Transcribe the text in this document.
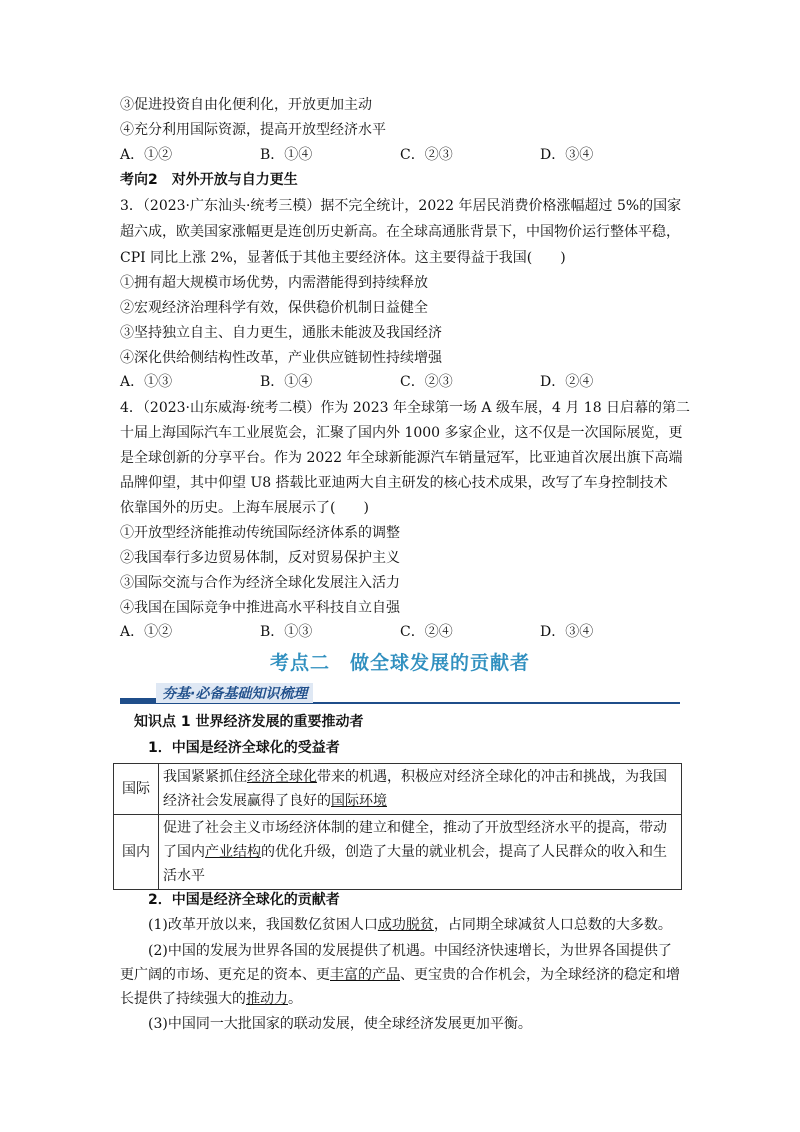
③促进投资自由化便利化，开放更加主动
④充分利用国际资源，提高开放型经济水平
A．①②	B．①④	C．②③	D．③④
考向2　对外开放与自力更生
3．（2023·广东汕头·统考三模）据不完全统计，2022 年居民消费价格涨幅超过 5%的国家
超六成，欧美国家涨幅更是连创历史新高。在全球高通胀背景下，中国物价运行整体平稳，
CPI 同比上涨 2%，显著低于其他主要经济体。这主要得益于我国(　　)
①拥有超大规模市场优势，内需潜能得到持续释放
②宏观经济治理科学有效，保供稳价机制日益健全
③坚持独立自主、自力更生，通胀未能波及我国经济
④深化供给侧结构性改革，产业供应链韧性持续增强
A．①③	B．①④	C．②③	D．②④
4．（2023·山东威海·统考二模）作为 2023 年全球第一场 A 级车展，4 月 18 日启幕的第二
十届上海国际汽车工业展览会，汇聚了国内外 1000 多家企业，这不仅是一次国际展览，更
是全球创新的分享平台。作为 2022 年全球新能源汽车销量冠军，比亚迪首次展出旗下高端
品牌仰望，其中仰望 U8 搭载比亚迪两大自主研发的核心技术成果，改写了车身控制技术
依靠国外的历史。上海车展展示了(　　)
①开放型经济能推动传统国际经济体系的调整
②我国奉行多边贸易体制，反对贸易保护主义
③国际交流与合作为经济全球化发展注入活力
④我国在国际竞争中推进高水平科技自立自强
A．①②	B．①③	C．②④	D．③④
考点二　做全球发展的贡献者
夯基·必备基础知识梳理
知识点 1 世界经济发展的重要推动者
1．中国是经济全球化的受益者
国际	我国紧紧抓住经济全球化带来的机遇，积极应对经济全球化的冲击和挑战，为我国经济社会发展赢得了良好的国际环境
国内	促进了社会主义市场经济体制的建立和健全，推动了开放型经济水平的提高，带动了国内产业结构的优化升级，创造了大量的就业机会，提高了人民群众的收入和生活水平
2．中国是经济全球化的贡献者
(1)改革开放以来，我国数亿贫困人口成功脱贫，占同期全球减贫人口总数的大多数。
(2)中国的发展为世界各国的发展提供了机遇。中国经济快速增长，为世界各国提供了更广阔的市场、更充足的资本、更丰富的产品、更宝贵的合作机会，为全球经济的稳定和增长提供了持续强大的推动力。
(3)中国同一大批国家的联动发展，使全球经济发展更加平衡。
